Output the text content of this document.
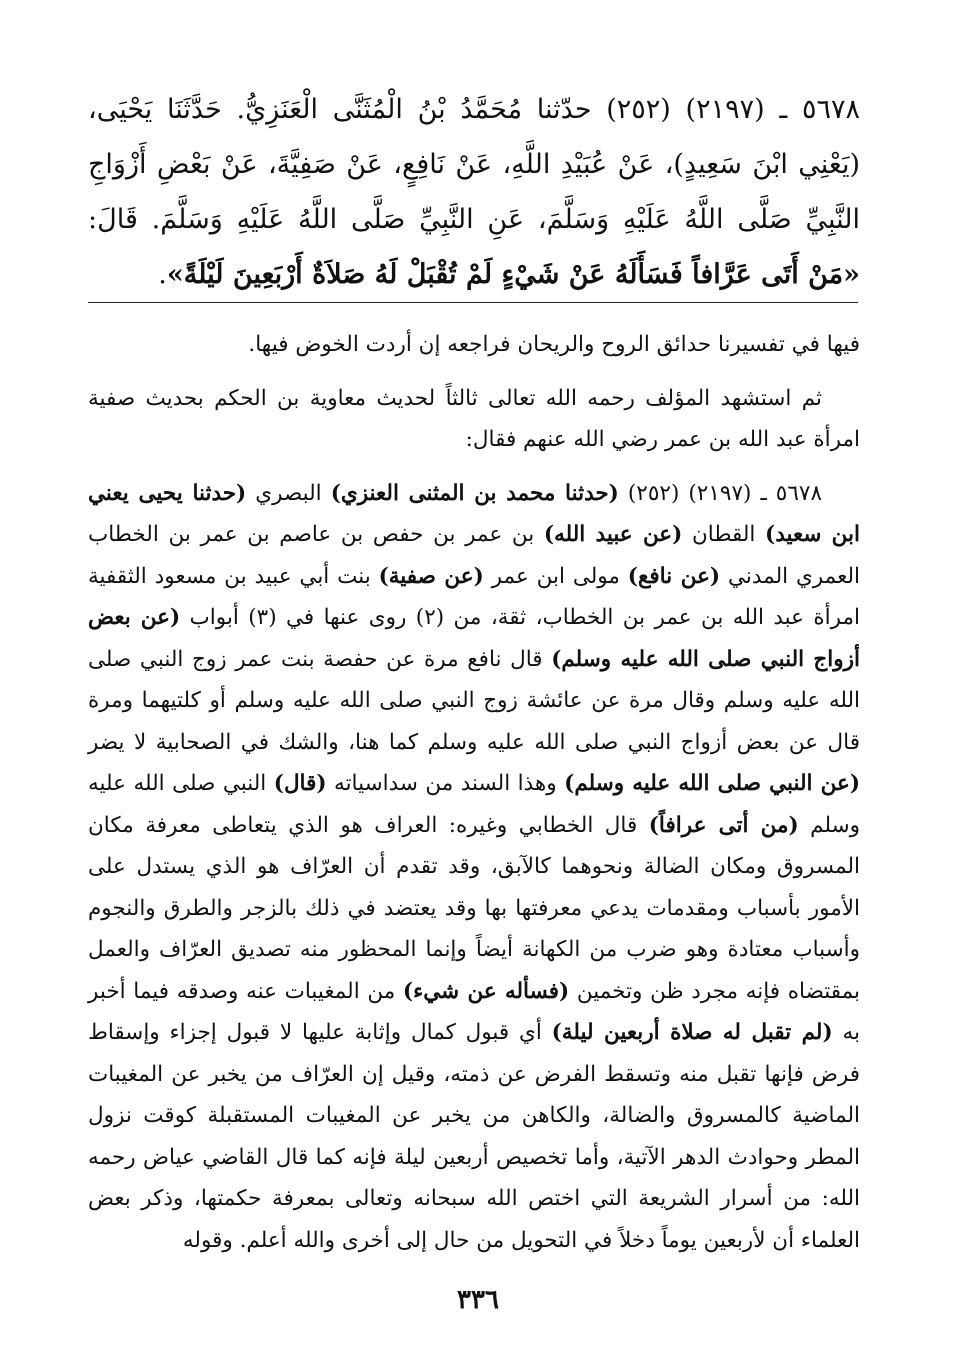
٥٦٧٨ ـ (٢١٩٧) (٢٥٢) حدّثنا مُحَمَّدُ بْنُ الْمُثَنَّى الْعَنَزِيُّ. حَدَّثَنَا يَحْيَى، (يَعْنِي ابْنَ سَعِيدٍ)، عَنْ عُبَيْدِ اللَّهِ، عَنْ نَافِعٍ، عَنْ صَفِيَّةَ، عَنْ بَعْضِ أَزْوَاجِ النَّبِيِّ صَلَّى اللَّهُ عَلَيْهِ وَسَلَّمَ، عَنِ النَّبِيِّ صَلَّى اللَّهُ عَلَيْهِ وَسَلَّمَ. قَالَ: «مَنْ أَتَى عَرَّافاً فَسَأَلَهُ عَنْ شَيْءٍ لَمْ تُقْبَلْ لَهُ صَلاَةٌ أَرْبَعِينَ لَيْلَةً».

فيها في تفسيرنا حدائق الروح والريحان فراجعه إن أردت الخوض فيها.

ثم استشهد المؤلف رحمه الله تعالى ثالثاً لحديث معاوية بن الحكم بحديث صفية امرأة عبد الله بن عمر رضي الله عنهم فقال:

٥٦٧٨ ـ (٢١٩٧) (٢٥٢) (حدثنا محمد بن المثنى العنزي) البصري (حدثنا يحيى يعني ابن سعيد) القطان (عن عبيد الله) بن عمر بن حفص بن عاصم بن عمر بن الخطاب العمري المدني (عن نافع) مولى ابن عمر (عن صفية) بنت أبي عبيد بن مسعود الثقفية امرأة عبد الله بن عمر بن الخطاب، ثقة، من (٢) روى عنها في (٣) أبواب (عن بعض أزواج النبي صلى الله عليه وسلم) قال نافع مرة عن حفصة بنت عمر زوج النبي صلى الله عليه وسلم وقال مرة عن عائشة زوج النبي صلى الله عليه وسلم أو كلتيهما ومرة قال عن بعض أزواج النبي صلى الله عليه وسلم كما هنا، والشك في الصحابية لا يضر (عن النبي صلى الله عليه وسلم) وهذا السند من سداسياته (قال) النبي صلى الله عليه وسلم (من أتى عرافاً) قال الخطابي وغيره: العراف هو الذي يتعاطى معرفة مكان المسروق ومكان الضالة ونحوهما كالآبق، وقد تقدم أن العرّاف هو الذي يستدل على الأمور بأسباب ومقدمات يدعي معرفتها بها وقد يعتضد في ذلك بالزجر والطرق والنجوم وأسباب معتادة وهو ضرب من الكهانة أيضاً وإنما المحظور منه تصديق العرّاف والعمل بمقتضاه فإنه مجرد ظن وتخمين (فسأله عن شيء) من المغيبات عنه وصدقه فيما أخبر به (لم تقبل له صلاة أربعين ليلة) أي قبول كمال وإثابة عليها لا قبول إجزاء وإسقاط فرض فإنها تقبل منه وتسقط الفرض عن ذمته، وقيل إن العرّاف من يخبر عن المغيبات الماضية كالمسروق والضالة، والكاهن من يخبر عن المغيبات المستقبلة كوقت نزول المطر وحوادث الدهر الآتية، وأما تخصيص أربعين ليلة فإنه كما قال القاضي عياض رحمه الله: من أسرار الشريعة التي اختص الله سبحانه وتعالى بمعرفة حكمتها، وذكر بعض العلماء أن لأربعين يوماً دخلاً في التحويل من حال إلى أخرى والله أعلم. وقوله

٣٣٦
